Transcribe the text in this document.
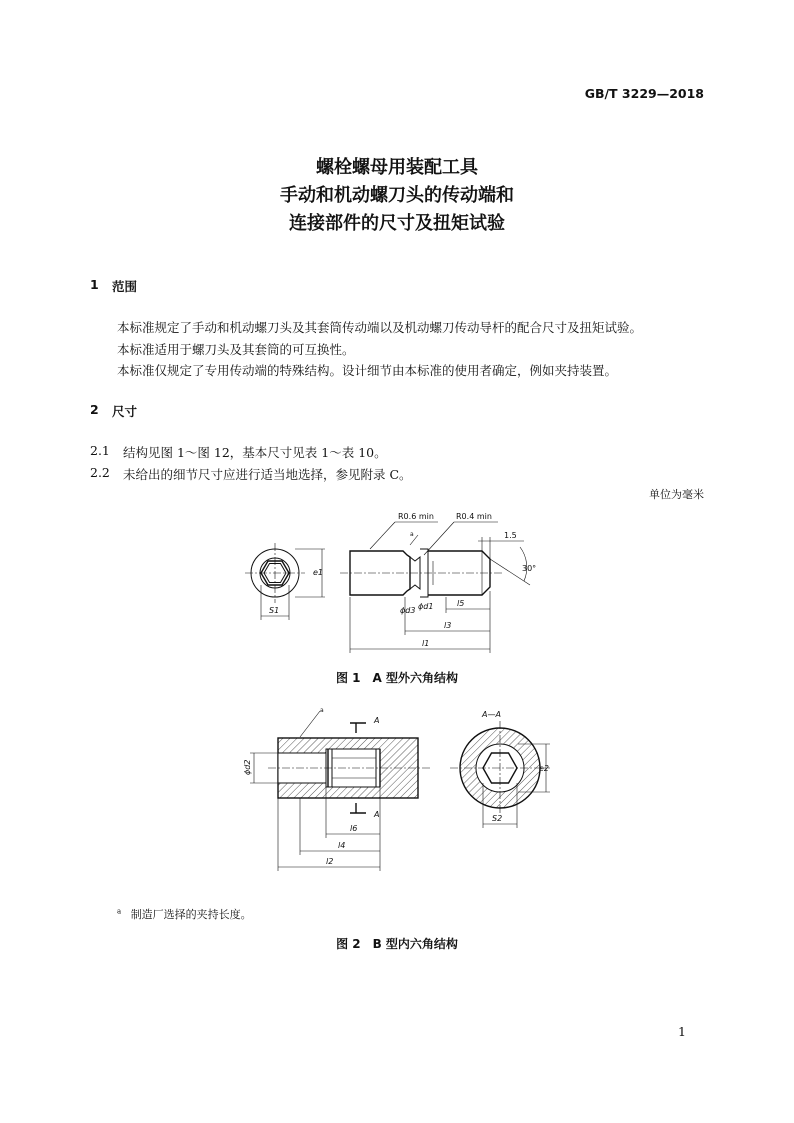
GB/T 3229—2018
螺栓螺母用装配工具
手动和机动螺刀头的传动端和
连接部件的尺寸及扭矩试验
1 范围
本标准规定了手动和机动螺刀头及其套筒传动端以及机动螺刀传动导杆的配合尺寸及扭矩试验。
本标准适用于螺刀头及其套筒的可互换性。
本标准仅规定了专用传动端的特殊结构。设计细节由本标准的使用者确定，例如夹持装置。
2 尺寸
2.1 结构见图 1～图 12，基本尺寸见表 1～表 10。
2.2 未给出的细节尺寸应进行适当地选择，参见附录 C。
单位为毫米
e1
S1
R0.6 min	R0.4 min
1.5
30°
a
ϕd3 ϕd1	l5
l3
l1
图 1　A 型外六角结构
ϕd2
A
A
a
l6
l4
l2
A—A
e2
S2
$^a$ 制造厂选择的夹持长度。
图 2　B 型内六角结构
1
